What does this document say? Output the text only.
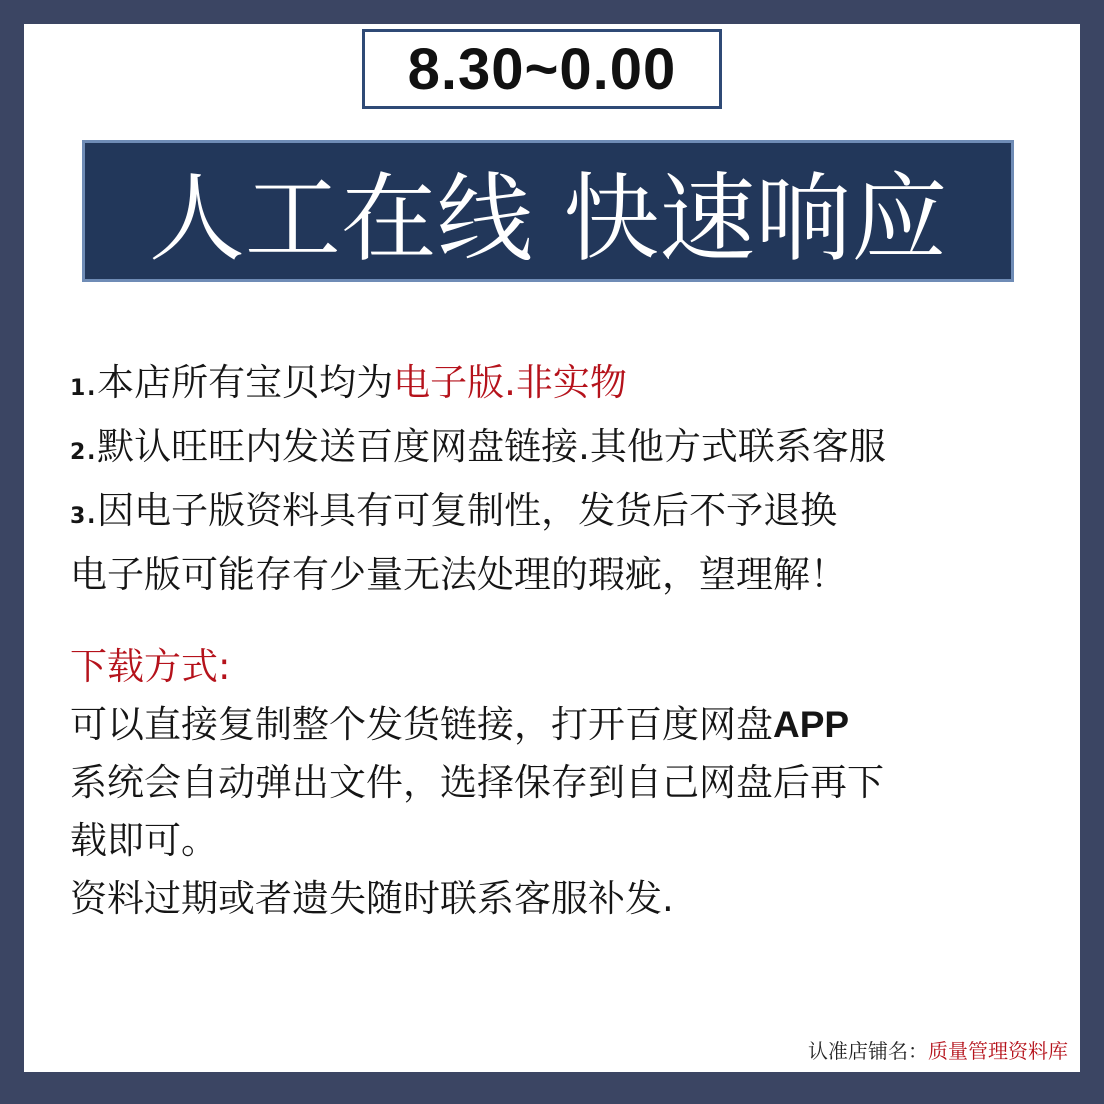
8.30~0.00
人工在线 快速响应
1.本店所有宝贝均为电子版.非实物
2.默认旺旺内发送百度网盘链接.其他方式联系客服
3.因电子版资料具有可复制性，发货后不予退换
电子版可能存有少量无法处理的瑕疵，望理解！
下载方式:
可以直接复制整个发货链接，打开百度网盘APP
系统会自动弹出文件，选择保存到自己网盘后再下
载即可。
资料过期或者遗失随时联系客服补发.
认准店铺名：质量管理资料库
